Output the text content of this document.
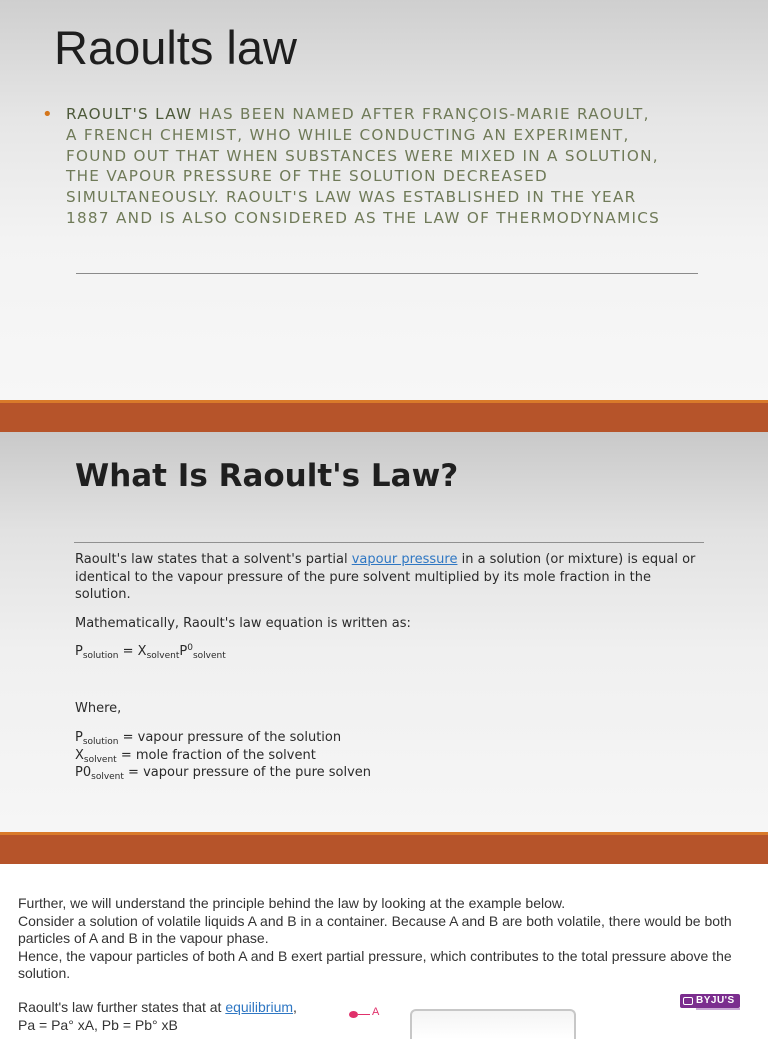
Raoults law
• RAOULT'S LAW HAS BEEN NAMED AFTER FRANÇOIS-MARIE RAOULT, A FRENCH CHEMIST, WHO WHILE CONDUCTING AN EXPERIMENT, FOUND OUT THAT WHEN SUBSTANCES WERE MIXED IN A SOLUTION, THE VAPOUR PRESSURE OF THE SOLUTION DECREASED SIMULTANEOUSLY. RAOULT'S LAW WAS ESTABLISHED IN THE YEAR 1887 AND IS ALSO CONSIDERED AS THE LAW OF THERMODYNAMICS

What Is Raoult's Law?

Raoult's law states that a solvent's partial vapour pressure in a solution (or mixture) is equal or identical to the vapour pressure of the pure solvent multiplied by its mole fraction in the solution.

Mathematically, Raoult's law equation is written as:

$P_{solution} = X_{solvent}P^0_{solvent}$

Where,

$P_{solution}$ = vapour pressure of the solution
$X_{solvent}$ = mole fraction of the solvent
$P0_{solvent}$ = vapour pressure of the pure solven
Further, we will understand the principle behind the law by looking at the example below.
Consider a solution of volatile liquids A and B in a container. Because A and B are both volatile, there would be both particles of A and B in the vapour phase.
Hence, the vapour particles of both A and B exert partial pressure, which contributes to the total pressure above the solution.
Raoult's law further states that at equilibrium,
Pa = Pa° xA, Pb = Pb° xB
A
BYJU'S
